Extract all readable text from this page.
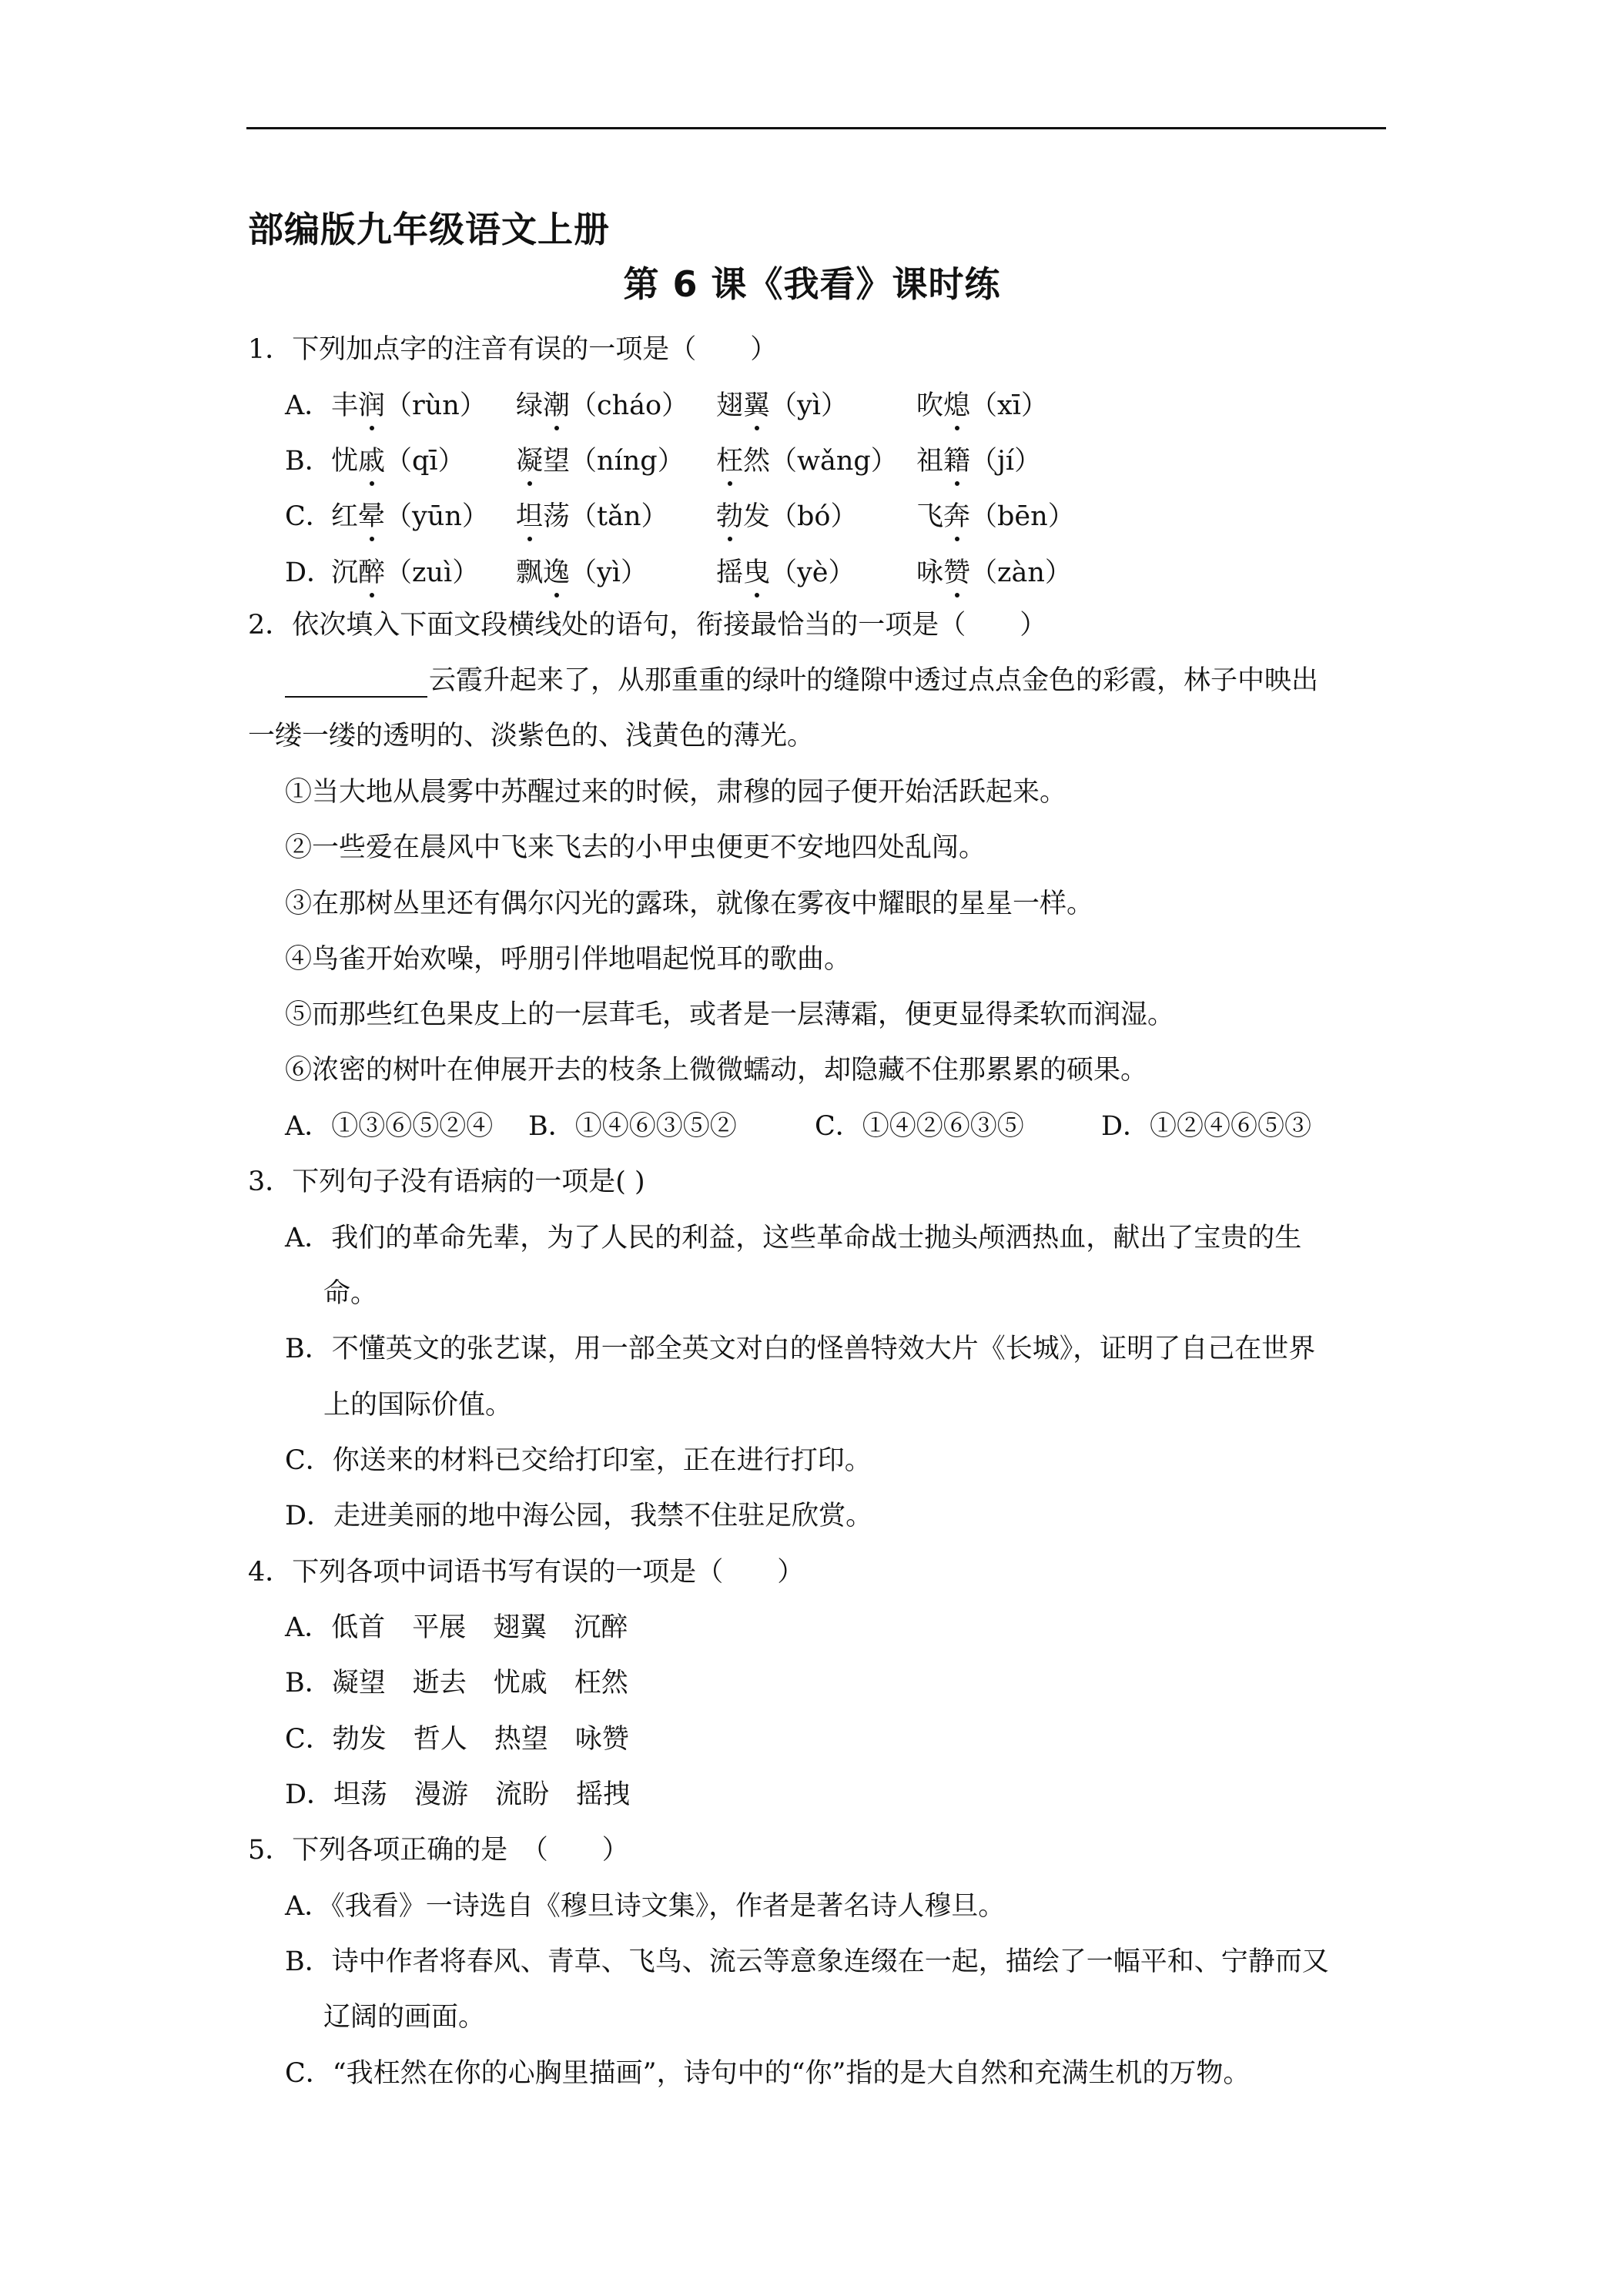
部编版九年级语文上册
第 6 课《我看》课时练
1．下列加点字的注音有误的一项是（　　）
A． 丰润（rùn） 绿潮（cháo） 翅翼（yì）	吹熄（xī）
B． 忧戚（qī） 凝望（níng） 枉然（wǎng） 祖籍（jí）
C．
红晕（yūn） 坦荡（tǎn） 勃发（bó） 飞奔（bēn）
D．
沉醉（zuì） 飘逸（yì）	摇曳（yè） 咏赞（zàn）
2．依次填入下面文段横线处的语句，衔接最恰当的一项是（　　）
云霞升起来了，从那重重的绿叶的缝隙中透过点点金色的彩霞，林子中映出
一缕一缕的透明的、淡紫色的、浅黄色的薄光。
①当大地从晨雾中苏醒过来的时候，肃穆的园子便开始活跃起来。
②一些爱在晨风中飞来飞去的小甲虫便更不安地四处乱闯。
③在那树丛里还有偶尔闪光的露珠，就像在雾夜中耀眼的星星一样。
④鸟雀开始欢噪，呼朋引伴地唱起悦耳的歌曲。
⑤而那些红色果皮上的一层茸毛，或者是一层薄霜，便更显得柔软而润湿。
⑥浓密的树叶在伸展开去的枝条上微微蠕动，却隐藏不住那累累的硕果。
A．①③⑥⑤②④ B．①④⑥③⑤②	C．①④②⑥③⑤	D．①②④⑥⑤③
3．下列句子没有语病的一项是( )
A．我们的革命先辈，为了人民的利益，这些革命战士抛头颅洒热血，献出了宝贵的生
命。
B．不懂英文的张艺谋，用一部全英文对白的怪兽特效大片《长城》，证明了自己在世界
上的国际价值。
C．你送来的材料已交给打印室，正在进行打印。
D．走进美丽的地中海公园，我禁不住驻足欣赏。
4．下列各项中词语书写有误的一项是（　　）
A．低首　平展　翅翼　沉醉
B．凝望　逝去　忧戚　枉然
C．勃发　哲人　热望　咏赞
D．坦荡　漫游　流盼　摇拽
5．下列各项正确的是　（　　）
A．《我看》一诗选自《穆旦诗文集》，作者是著名诗人穆旦。
B．诗中作者将春风、青草、飞鸟、流云等意象连缀在一起，描绘了一幅平和、宁静而又
辽阔的画面。
C．“我枉然在你的心胸里描画”，诗句中的“你”指的是大自然和充满生机的万物。
